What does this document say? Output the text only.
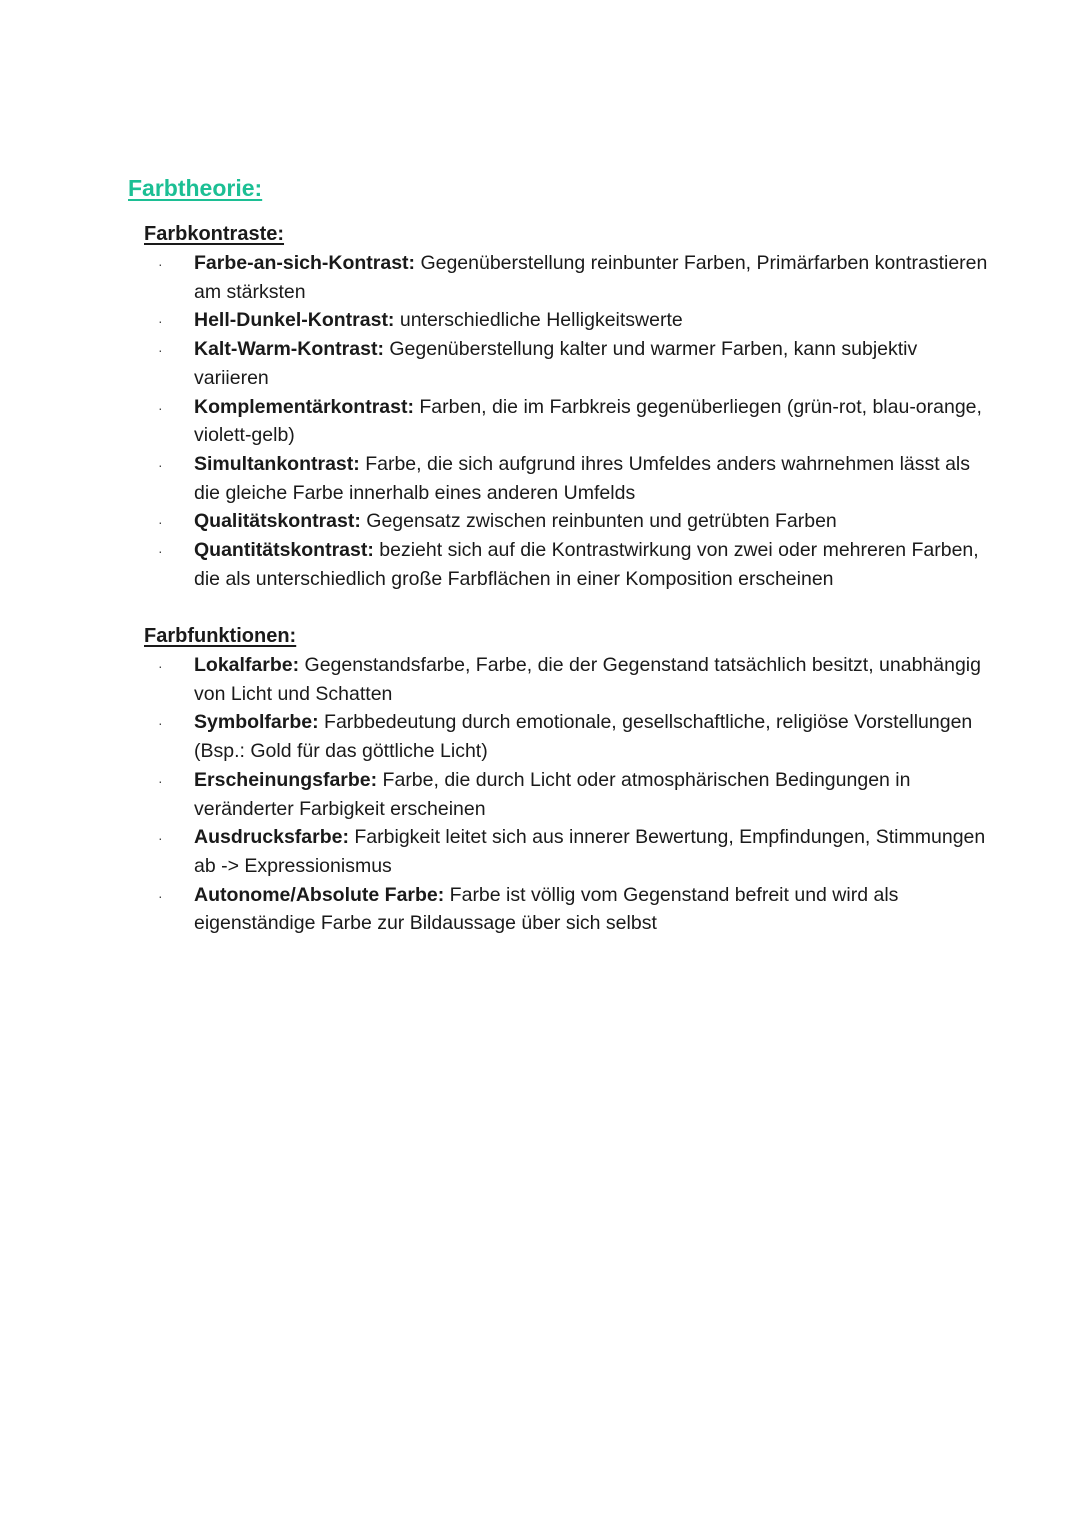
Farbtheorie:
Farbkontraste:
· Farbe-an-sich-Kontrast: Gegenüberstellung reinbunter Farben, Primärfarben kontrastieren am stärksten
· Hell-Dunkel-Kontrast: unterschiedliche Helligkeitswerte
· Kalt-Warm-Kontrast: Gegenüberstellung kalter und warmer Farben, kann subjektiv variieren
· Komplementärkontrast: Farben, die im Farbkreis gegenüberliegen (grün-rot, blau-orange, violett-gelb)
· Simultankontrast: Farbe, die sich aufgrund ihres Umfeldes anders wahrnehmen lässt als die gleiche Farbe innerhalb eines anderen Umfelds
· Qualitätskontrast: Gegensatz zwischen reinbunten und getrübten Farben
· Quantitätskontrast: bezieht sich auf die Kontrastwirkung von zwei oder mehreren Farben, die als unterschiedlich große Farbflächen in einer Komposition erscheinen
Farbfunktionen:
· Lokalfarbe: Gegenstandsfarbe, Farbe, die der Gegenstand tatsächlich besitzt, unabhängig von Licht und Schatten
· Symbolfarbe: Farbbedeutung durch emotionale, gesellschaftliche, religiöse Vorstellungen (Bsp.: Gold für das göttliche Licht)
· Erscheinungsfarbe: Farbe, die durch Licht oder atmosphärischen Bedingungen in veränderter Farbigkeit erscheinen
· Ausdrucksfarbe: Farbigkeit leitet sich aus innerer Bewertung, Empfindungen, Stimmungen ab -> Expressionismus
· Autonome/Absolute Farbe: Farbe ist völlig vom Gegenstand befreit und wird als eigenständige Farbe zur Bildaussage über sich selbst
